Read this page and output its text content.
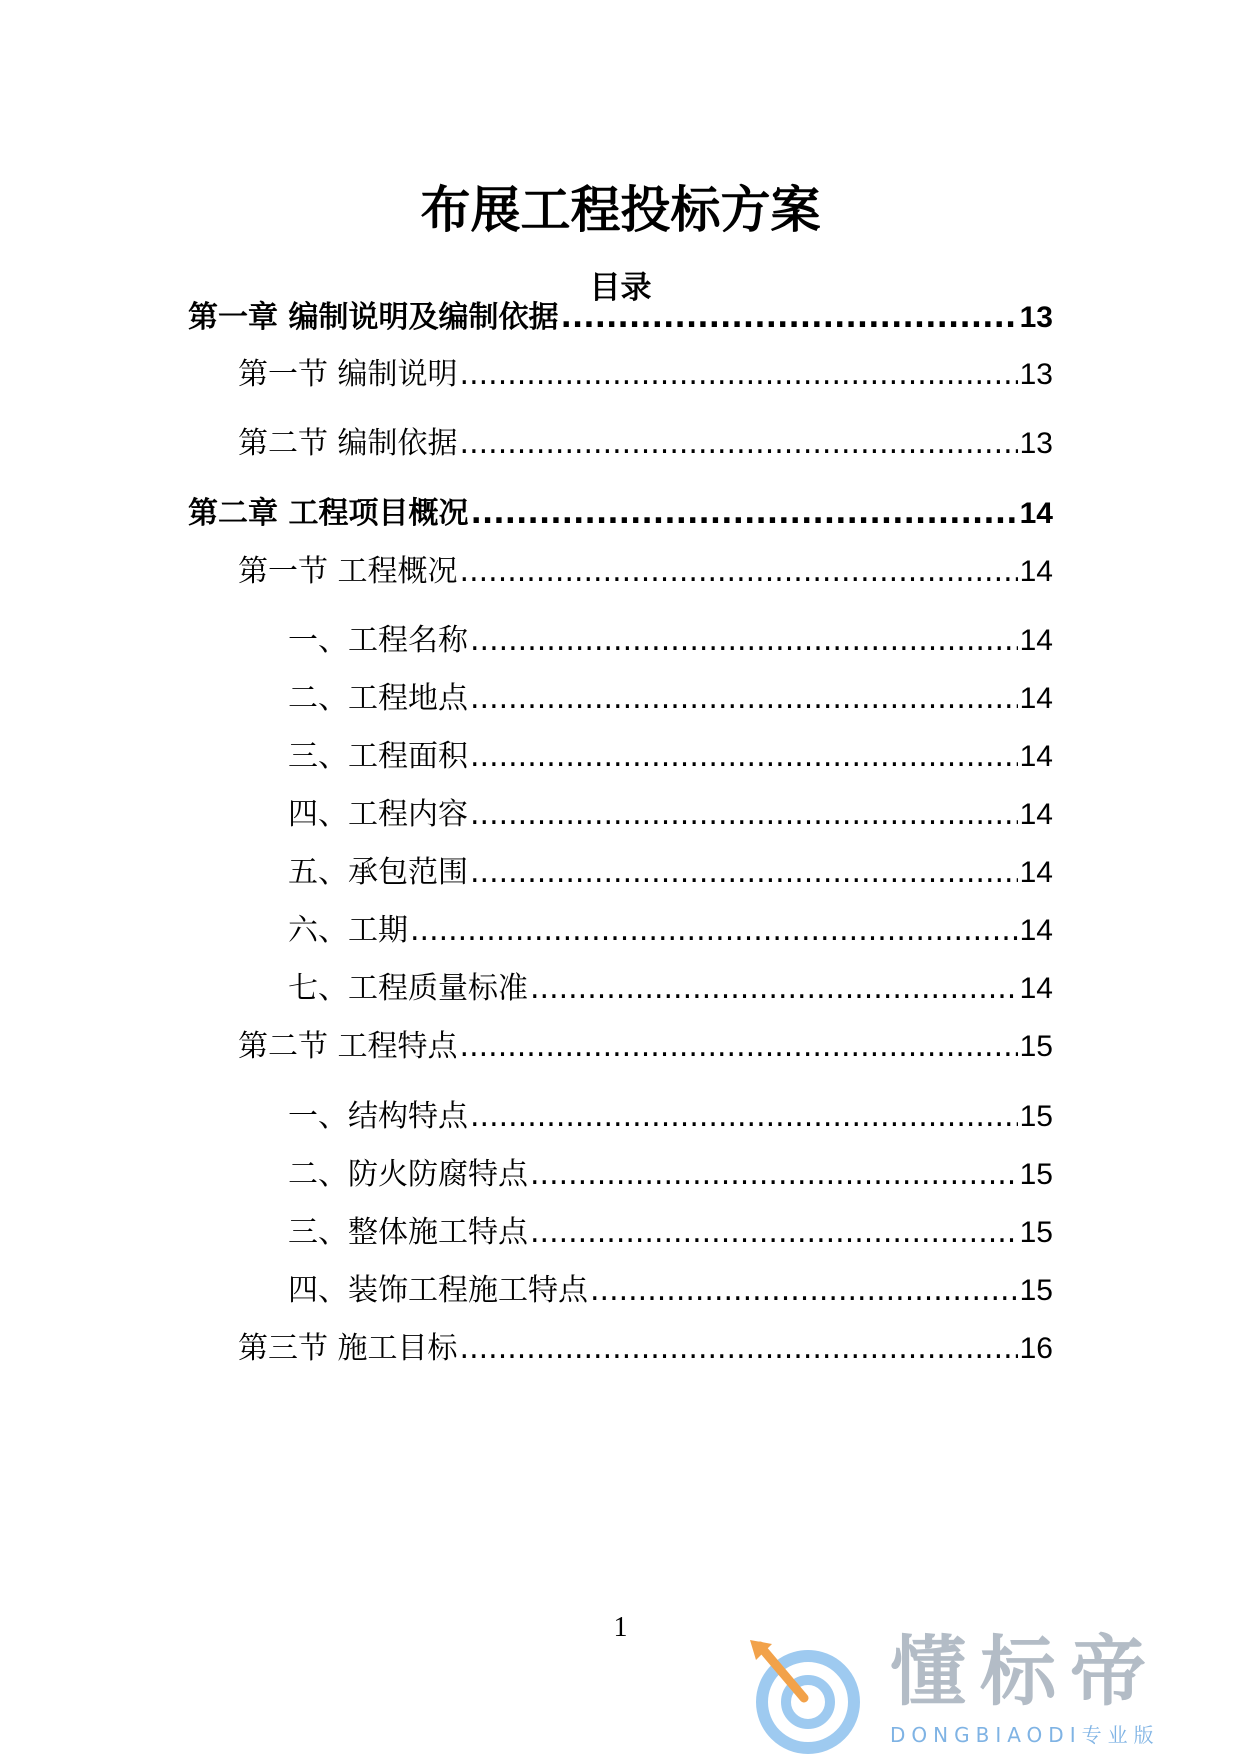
布展工程投标方案
目录
第一章 编制说明及编制依据 .....	13
第一节 编制说明 .....	13
第二节 编制依据 .....	13
第二章 工程项目概况 .....	14
第一节 工程概况 .....	14
一、工程名称 .....	14
二、工程地点 .....	14
三、工程面积 .....	14
四、工程内容 .....	14
五、承包范围 .....	14
六、工期 .....	14
七、工程质量标准 .....	14
第二节 工程特点 .....	15
一、结构特点 .....	15
二、防火防腐特点 .....	15
三、整体施工特点 .....	15
四、装饰工程施工特点 .....	15
第三节 施工目标 .....	16
1	懂标帝
DONGBIAODI专业版
